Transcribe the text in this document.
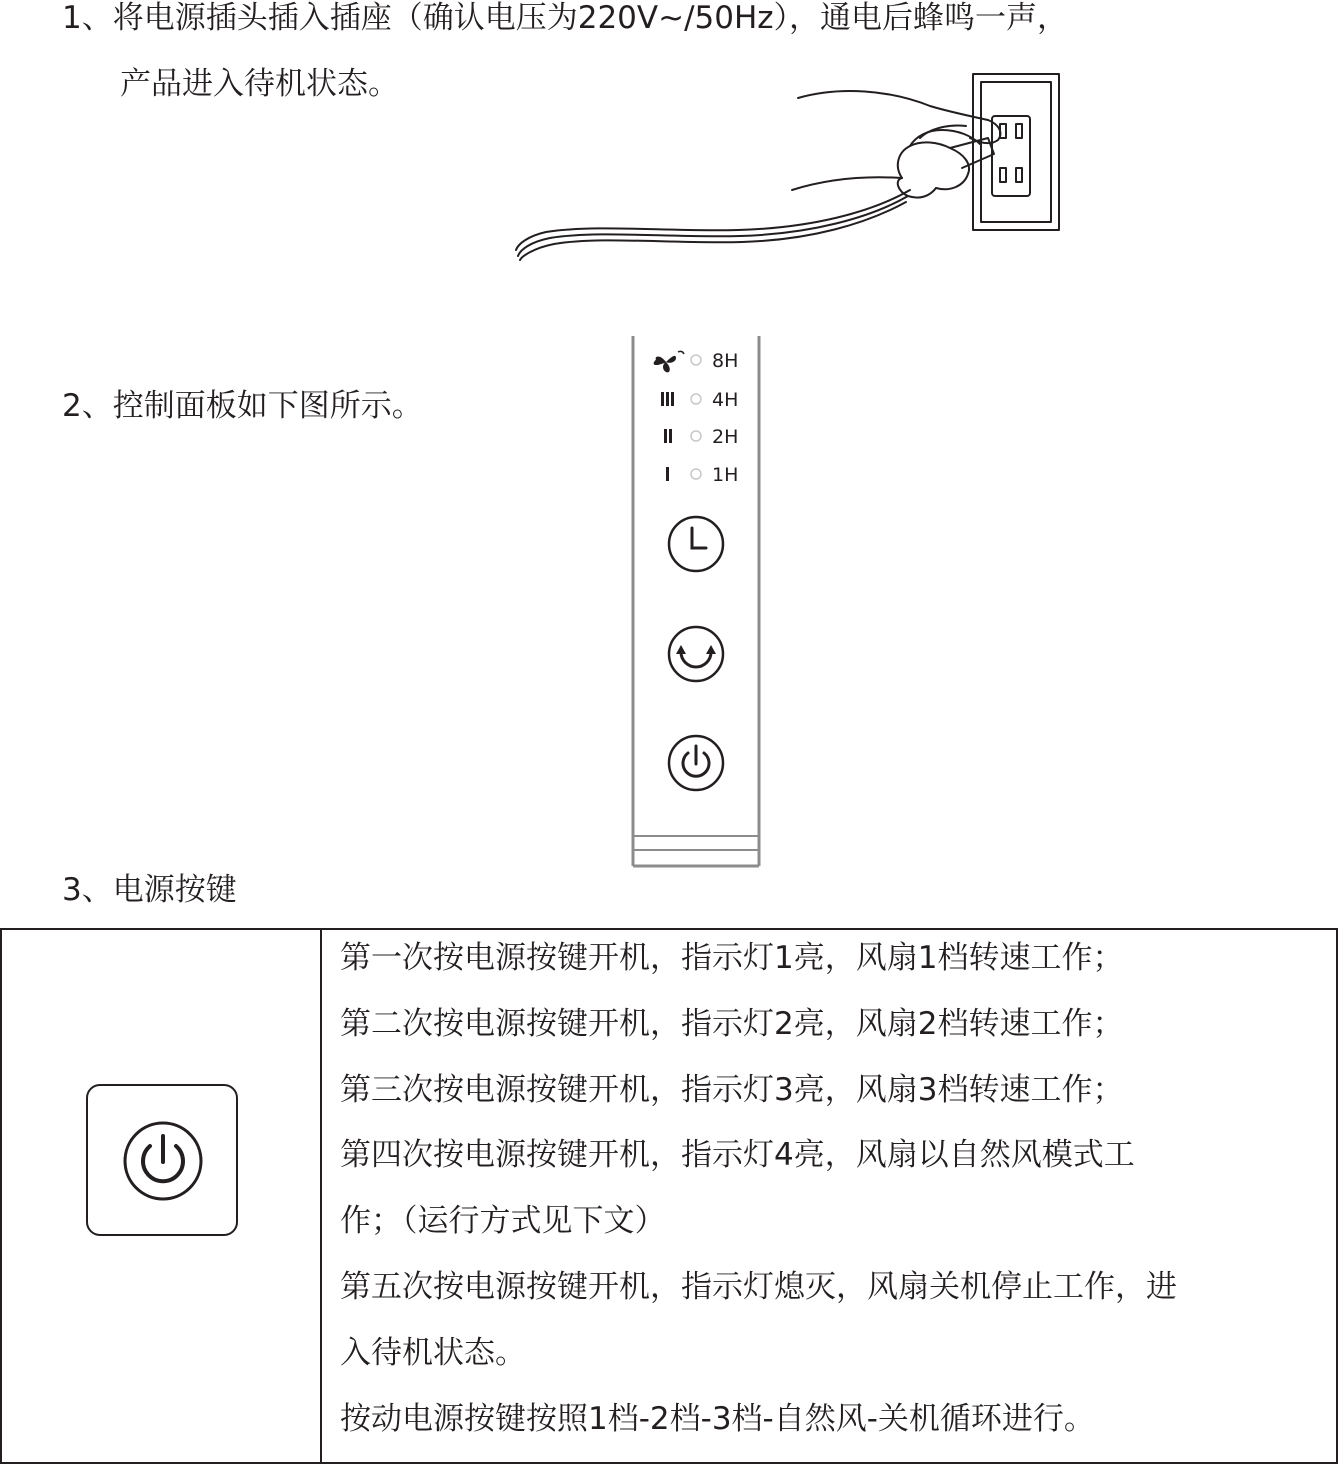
1、将电源插头插入插座（确认电压为220V~/50Hz），通电后蜂鸣一声，
产品进入待机状态。
2、控制面板如下图所示。
8H
4H
2H
1H
3、电源按键
第一次按电源按键开机，指示灯1亮，风扇1档转速工作；
第二次按电源按键开机，指示灯2亮，风扇2档转速工作；
第三次按电源按键开机，指示灯3亮，风扇3档转速工作；
第四次按电源按键开机，指示灯4亮，风扇以自然风模式工
作；（运行方式见下文）
第五次按电源按键开机，指示灯熄灭，风扇关机停止工作，进
入待机状态。
按动电源按键按照1档-2档-3档-自然风-关机循环进行。
